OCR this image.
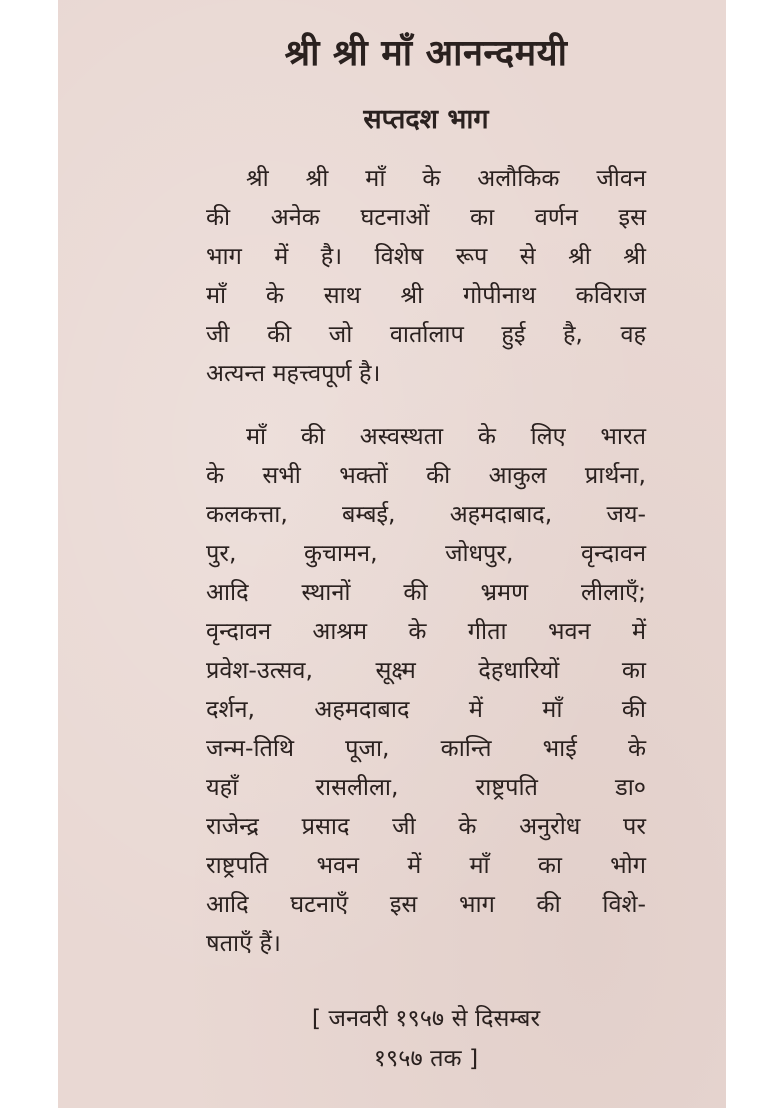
श्री श्री माँ आनन्दमयी
सप्तदश भाग
श्री श्री माँ के अलौकिक जीवन
की अनेक घटनाओं का वर्णन इस
भाग में है। विशेष रूप से श्री श्री
माँ के साथ श्री गोपीनाथ कविराज
जी की जो वार्तालाप हुई है, वह
अत्यन्त महत्त्वपूर्ण है।
माँ की अस्वस्थता के लिए भारत
के सभी भक्तों की आकुल प्रार्थना,
कलकत्ता, बम्बई, अहमदाबाद, जय-
पुर, कुचामन, जोधपुर, वृन्दावन
आदि स्थानों की भ्रमण लीलाएँ;
वृन्दावन आश्रम के गीता भवन में
प्रवेश-उत्सव, सूक्ष्म देहधारियों का
दर्शन, अहमदाबाद में माँ की
जन्म-तिथि पूजा, कान्ति भाई के
यहाँ रासलीला, राष्ट्रपति डा०
राजेन्द्र प्रसाद जी के अनुरोध पर
राष्ट्रपति भवन में माँ का भोग
आदि घटनाएँ इस भाग की विशे-
षताएँ हैं।
[ जनवरी १९५७ से दिसम्बर
१९५७ तक ]
